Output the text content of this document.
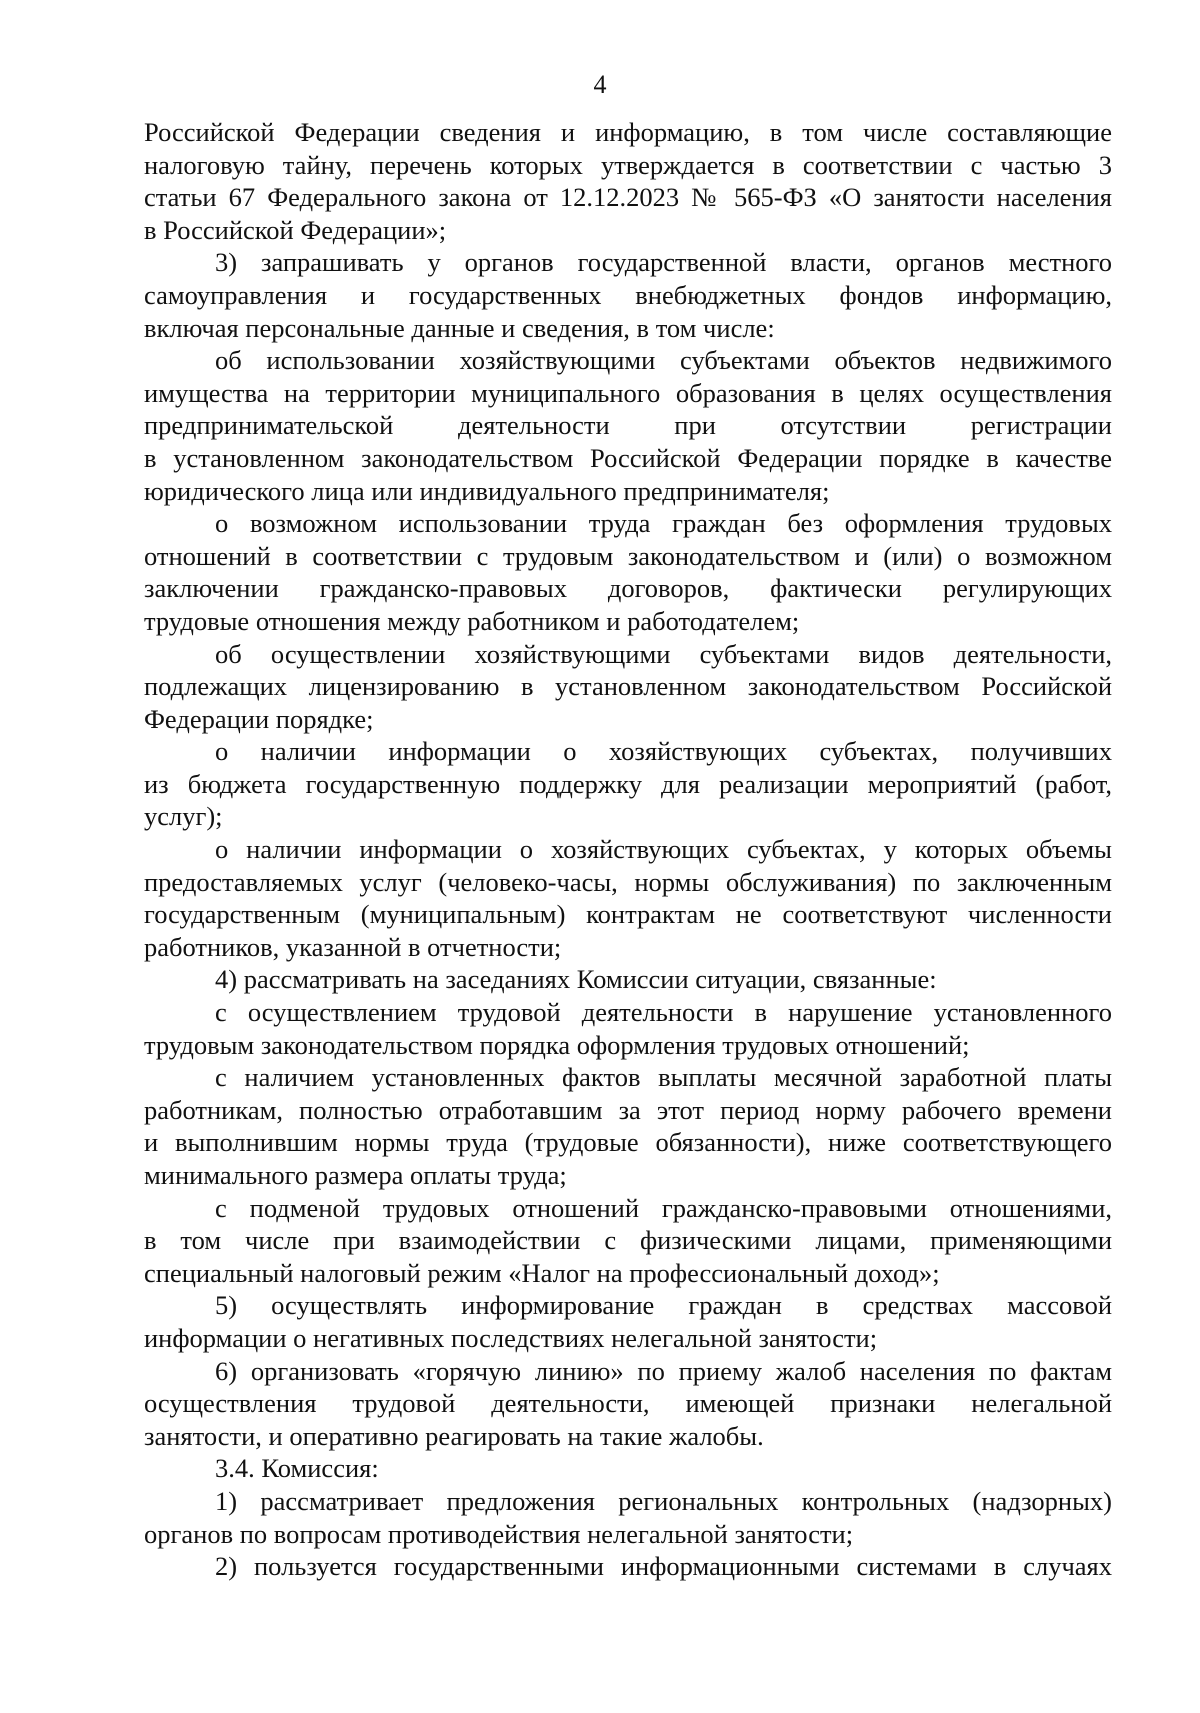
4
Российской Федерации сведения и информацию, в том числе составляющие
налоговую тайну, перечень которых утверждается в соответствии с частью 3
статьи 67 Федерального закона от 12.12.2023 № 565-ФЗ «О занятости населения
в Российской Федерации»;
3) запрашивать у органов государственной власти, органов местного
самоуправления и государственных внебюджетных фондов информацию,
включая персональные данные и сведения, в том числе:
об использовании хозяйствующими субъектами объектов недвижимого
имущества на территории муниципального образования в целях осуществления
предпринимательской деятельности при отсутствии регистрации
в установленном законодательством Российской Федерации порядке в качестве
юридического лица или индивидуального предпринимателя;
о возможном использовании труда граждан без оформления трудовых
отношений в соответствии с трудовым законодательством и (или) о возможном
заключении гражданско-правовых договоров, фактически регулирующих
трудовые отношения между работником и работодателем;
об осуществлении хозяйствующими субъектами видов деятельности,
подлежащих лицензированию в установленном законодательством Российской
Федерации порядке;
о наличии информации о хозяйствующих субъектах, получивших
из бюджета государственную поддержку для реализации мероприятий (работ,
услуг);
о наличии информации о хозяйствующих субъектах, у которых объемы
предоставляемых услуг (человеко-часы, нормы обслуживания) по заключенным
государственным (муниципальным) контрактам не соответствуют численности
работников, указанной в отчетности;
4) рассматривать на заседаниях Комиссии ситуации, связанные:
с осуществлением трудовой деятельности в нарушение установленного
трудовым законодательством порядка оформления трудовых отношений;
с наличием установленных фактов выплаты месячной заработной платы
работникам, полностью отработавшим за этот период норму рабочего времени
и выполнившим нормы труда (трудовые обязанности), ниже соответствующего
минимального размера оплаты труда;
с подменой трудовых отношений гражданско-правовыми отношениями,
в том числе при взаимодействии с физическими лицами, применяющими
специальный налоговый режим «Налог на профессиональный доход»;
5) осуществлять информирование граждан в средствах массовой
информации о негативных последствиях нелегальной занятости;
6) организовать «горячую линию» по приему жалоб населения по фактам
осуществления трудовой деятельности, имеющей признаки нелегальной
занятости, и оперативно реагировать на такие жалобы.
3.4. Комиссия:
1) рассматривает предложения региональных контрольных (надзорных)
органов по вопросам противодействия нелегальной занятости;
2) пользуется государственными информационными системами в случаях
